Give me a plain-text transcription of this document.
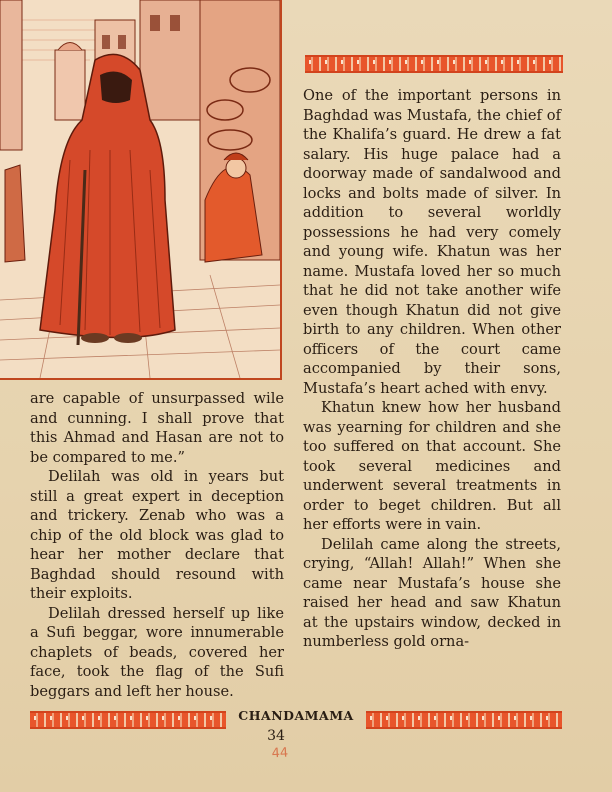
One of the important persons in Baghdad was Mustafa, the chief of the Khalifa’s guard. He drew a fat salary. His huge palace had a doorway made of sandalwood and locks and bolts made of silver. In addition to several worldly possessions he had very comely and young wife. Khatun was her name. Mustafa loved her so much that he did not take another wife even though Khatun did not give birth to any children. When other officers of the court came accompanied by their sons, Mustafa’s heart ached with envy.

Khatun knew how her husband was yearning for children and she too suffered on that account. She took several medicines and underwent several treatments in order to beget children. But all her efforts were in vain.

Delilah came along the streets, crying, “Allah! Allah!” When she came near Mustafa’s house she raised her head and saw Khatun at the upstairs window, decked in numberless gold orna-

are capable of unsurpassed wile and cunning. I shall prove that this Ahmad and Hasan are not to be compared to me.”

Delilah was old in years but still a great expert in deception and trickery. Zenab who was a chip of the old block was glad to hear her mother declare that Baghdad should resound with their exploits.

Delilah dressed herself up like a Sufi beggar, wore innumerable chaplets of beads, covered her face, took the flag of the Sufi beggars and left her house.

CHANDAMAMA
34
44
